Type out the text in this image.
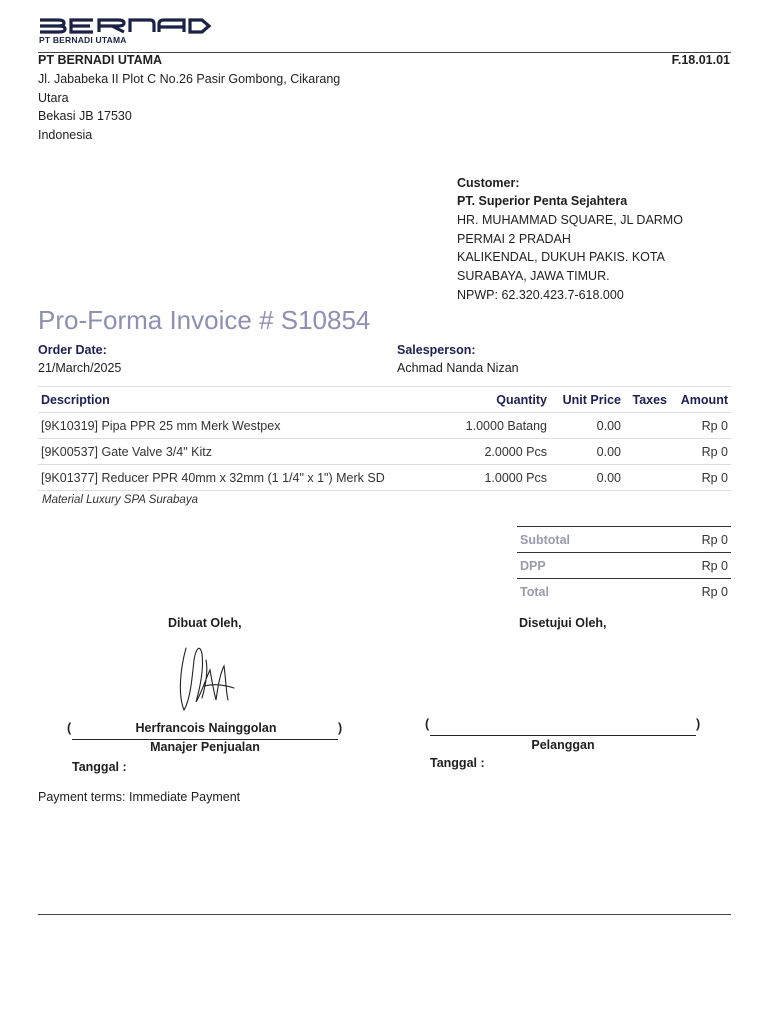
PT BERNADI UTAMA
PT BERNADI UTAMA	F.18.01.01
Jl. Jababeka II Plot C No.26 Pasir Gombong, Cikarang
Utara
Bekasi JB 17530
Indonesia
Customer:
PT. Superior Penta Sejahtera
HR. MUHAMMAD SQUARE, JL DARMO
PERMAI 2 PRADAH
KALIKENDAL, DUKUH PAKIS. KOTA
SURABAYA, JAWA TIMUR.
NPWP: 62.320.423.7-618.000
Pro-Forma Invoice # S10854
Order Date:
21/March/2025
Salesperson:
Achmad Nanda Nizan
Description	Quantity	Unit Price	Taxes	Amount
[9K10319] Pipa PPR 25 mm Merk Westpex	1.0000 Batang	0.00		Rp 0
[9K00537] Gate Valve 3/4" Kitz	2.0000 Pcs	0.00		Rp 0
[9K01377] Reducer PPR 40mm x 32mm (1 1/4" x 1") Merk SD	1.0000 Pcs	0.00		Rp 0
Material Luxury SPA Surabaya
Subtotal	Rp 0
DPP	Rp 0
Total	Rp 0
Dibuat Oleh,
(	Herfrancois Nainggolan	)
Manajer Penjualan
Tanggal :
Disetujui Oleh,
(	)
Pelanggan
Tanggal :
Payment terms: Immediate Payment
